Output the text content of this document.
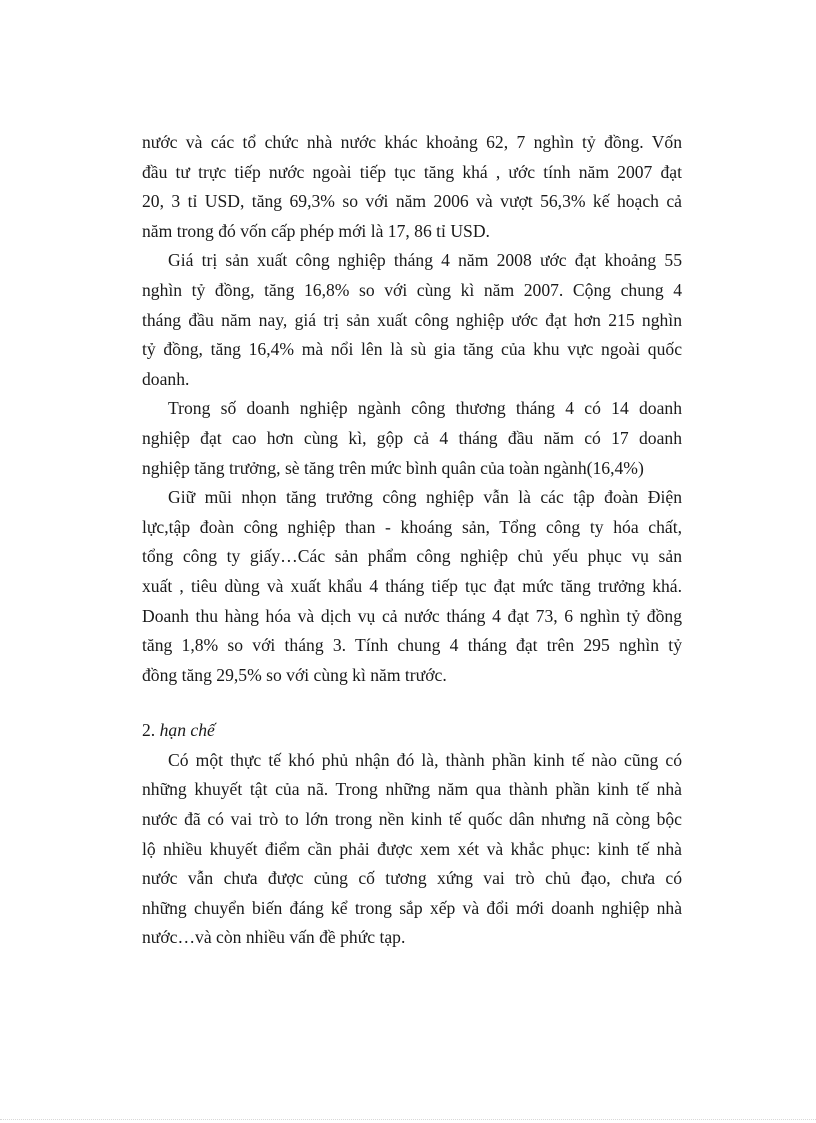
nước và các tổ chức nhà nước khác khoảng 62, 7 nghìn tỷ đồng. Vốn
đầu tư trực tiếp nước ngoài tiếp tục tăng khá , ước tính năm 2007 đạt
20, 3 tỉ USD, tăng 69,3% so với năm 2006 và vượt 56,3% kế hoạch cả
năm trong đó vốn cấp phép mới là 17, 86 tỉ USD.
Giá trị sản xuất công nghiệp tháng 4 năm 2008 ước đạt khoảng 55
nghìn tỷ đồng, tăng 16,8% so với cùng kì năm 2007. Cộng chung 4
tháng đầu năm nay, giá trị sản xuất công nghiệp ước đạt hơn 215 nghìn
tỷ đồng, tăng 16,4% mà nổi lên là sù gia tăng của khu vực ngoài quốc
doanh.
Trong số doanh nghiệp ngành công thương tháng 4 có 14 doanh
nghiệp đạt cao hơn cùng kì, gộp cả 4 tháng đầu năm có 17 doanh
nghiệp tăng trưởng, sè tăng trên mức bình quân của toàn ngành(16,4%)
Giữ mũi nhọn tăng trưởng công nghiệp vẫn là các tập đoàn Điện
lực,tập đoàn công nghiệp than - khoáng sản, Tổng công ty hóa chất,
tổng công ty giấy…Các sản phẩm công nghiệp chủ yếu phục vụ sản
xuất , tiêu dùng và xuất khẩu 4 tháng tiếp tục đạt mức tăng trưởng khá.
Doanh thu hàng hóa và dịch vụ cả nước tháng 4 đạt 73, 6 nghìn tỷ đồng
tăng 1,8% so với tháng 3. Tính chung 4 tháng đạt trên 295 nghìn tỷ
đồng tăng 29,5% so với cùng kì năm trước.
2. hạn chế
Có một thực tế khó phủ nhận đó là, thành phần kinh tế nào cũng có
những khuyết tật của nã. Trong những năm qua thành phần kinh tế nhà
nước đã có vai trò to lớn trong nền kinh tế quốc dân nhưng nã còng bộc
lộ nhiều khuyết điểm cần phải được xem xét và khắc phục: kinh tế nhà
nước vẫn chưa được củng cố tương xứng vai trò chủ đạo, chưa có
những chuyển biến đáng kể trong sắp xếp và đổi mới doanh nghiệp nhà
nước…và còn nhiều vấn đề phức tạp.
